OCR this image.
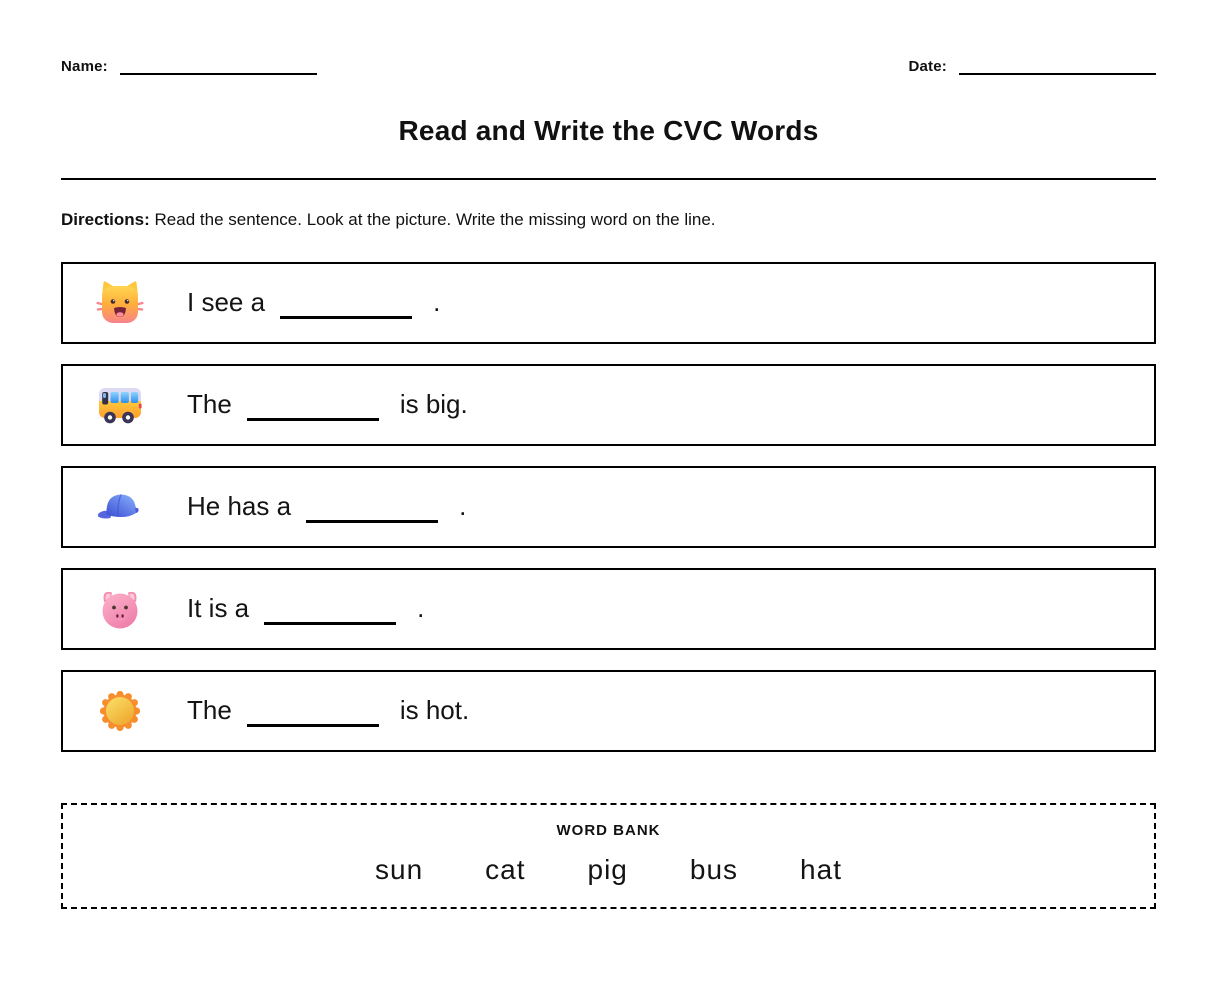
Name:	Date:
Read and Write the CVC Words
Directions: Read the sentence. Look at the picture. Write the missing word on the line.
I see a	.
The	is big.
He has a	.
It is a	.
The	is hot.
WORD BANK
sun cat pig bus hat
